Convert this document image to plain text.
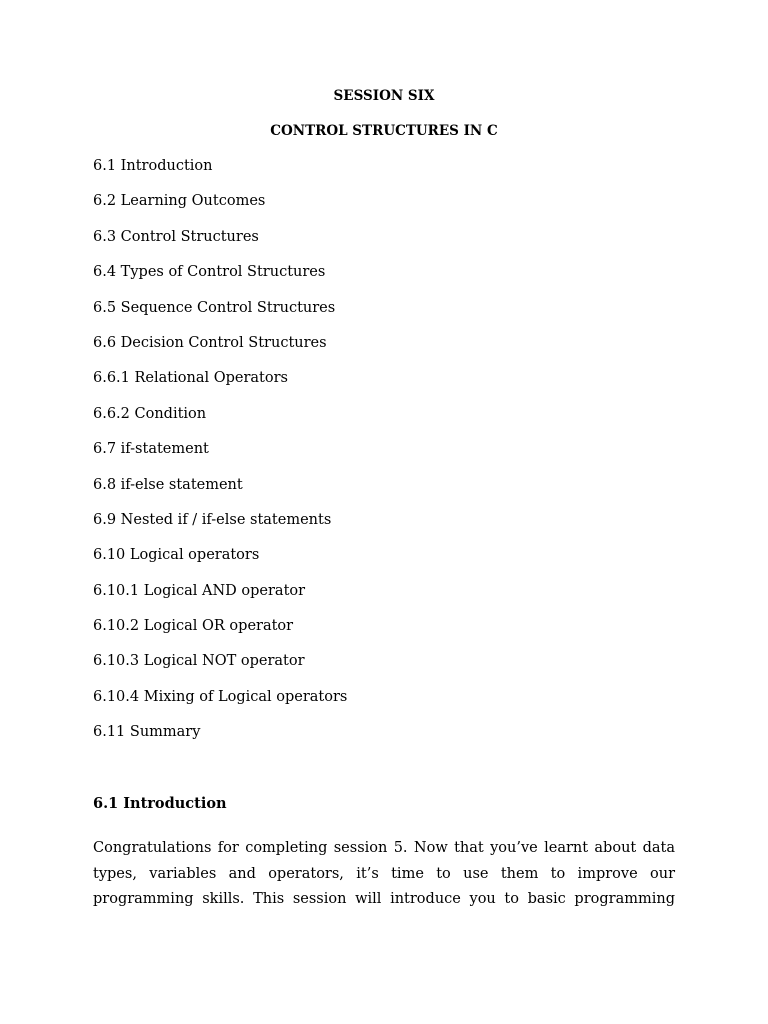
SESSION SIX
CONTROL STRUCTURES IN C
6.1 Introduction
6.2 Learning Outcomes
6.3 Control Structures
6.4 Types of Control Structures
6.5 Sequence Control Structures
6.6 Decision Control Structures
6.6.1 Relational Operators
6.6.2 Condition
6.7 if-statement
6.8 if-else statement
6.9 Nested if / if-else statements
6.10 Logical operators
6.10.1 Logical AND operator
6.10.2 Logical OR operator
6.10.3 Logical NOT operator
6.10.4 Mixing of Logical operators
6.11 Summary
6.1 Introduction

Congratulations for completing session 5. Now that you’ve learnt about data
types, variables and operators, it’s time to use them to improve our
programming skills. This session will introduce you to basic programming
